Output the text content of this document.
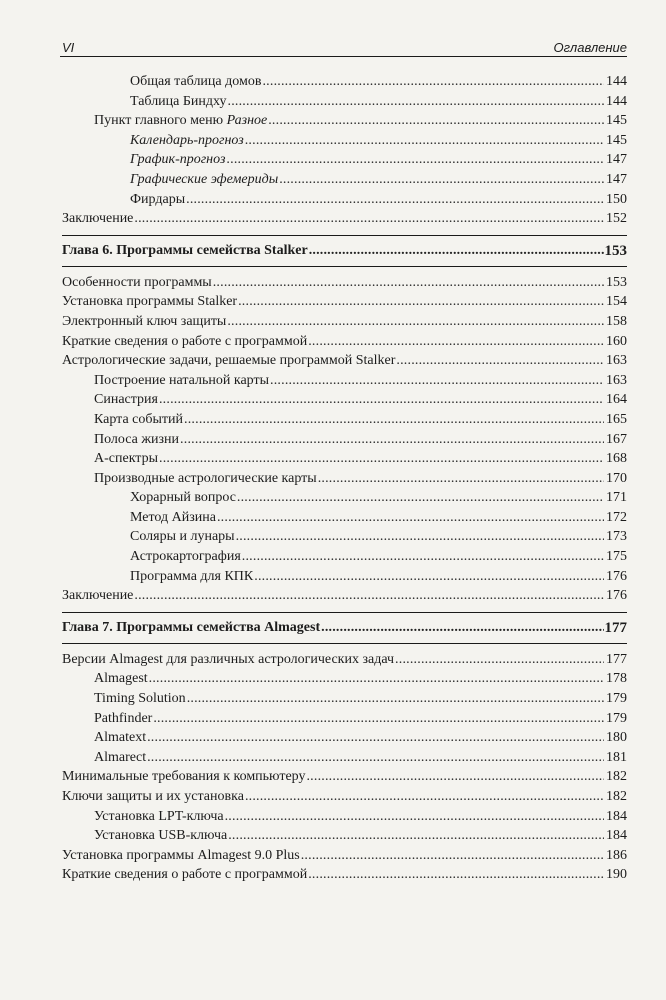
VI	Оглавление
Общая таблица домов .....	144
Таблица Биндху .....	144
Пункт главного меню Разное .....	145
Календарь-прогноз .....	145
График-прогноз .....	147
Графические эфемериды .....	147
Фирдары .....	150
Заключение .....	152
Глава 6. Программы семейства Stalker .....	153
Особенности программы .....	153
Установка программы Stalker .....	154
Электронный ключ защиты .....	158
Краткие сведения о работе с программой .....	160
Астрологические задачи, решаемые программой Stalker .....	163
Построение натальной карты .....	163
Синастрия .....	164
Карта событий .....	165
Полоса жизни .....	167
А-спектры .....	168
Производные астрологические карты .....	170
Хорарный вопрос .....	171
Метод Айзина .....	172
Соляры и лунары .....	173
Астрокартография .....	175
Программа для КПК .....	176
Заключение .....	176
Глава 7. Программы семейства Almagest .....	177
Версии Almagest для различных астрологических задач .....	177
Almagest .....	178
Timing Solution .....	179
Pathfinder .....	179
Almatext .....	180
Almarect .....	181
Минимальные требования к компьютеру .....	182
Ключи защиты и их установка .....	182
Установка LPT-ключа .....	184
Установка USB-ключа .....	184
Установка программы Almagest 9.0 Plus .....	186
Краткие сведения о работе с программой .....	190
